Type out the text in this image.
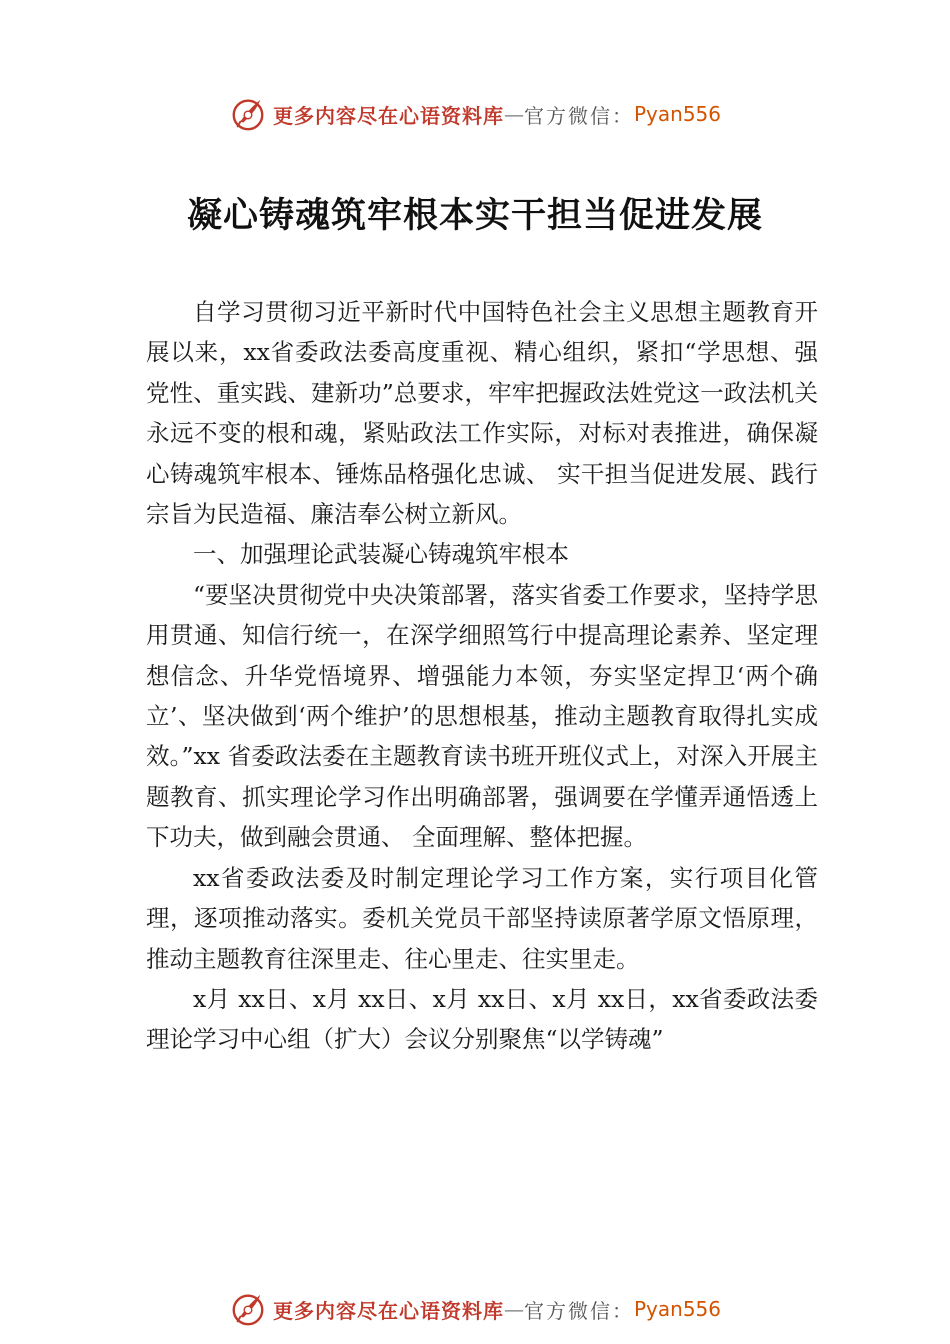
更多内容尽在心语资料库 — 官方微信： Pyan556
凝心铸魂筑牢根本实干担当促进发展

自学习贯彻习近平新时代中国特色社会主义思想主题教育开展以来，xx省委政法委高度重视、精心组织，紧扣“学思想、强党性、重实践、建新功”总要求，牢牢把握政法姓党这一政法机关永远不变的根和魂，紧贴政法工作实际，对标对表推进，确保凝心铸魂筑牢根本、锤炼品格强化忠诚、 实干担当促进发展、践行宗旨为民造福、廉洁奉公树立新风。

一、加强理论武装凝心铸魂筑牢根本

“要坚决贯彻党中央决策部署，落实省委工作要求，坚持学思用贯通、知信行统一，在深学细照笃行中提高理论素养、坚定理想信念、升华党悟境界、增强能力本领，夯实坚定捍卫‘两个确立’、坚决做到‘两个维护’的思想根基，推动主题教育取得扎实成效。”xx 省委政法委在主题教育读书班开班仪式上，对深入开展主题教育、抓实理论学习作出明确部署，强调要在学懂弄通悟透上下功夫，做到融会贯通、 全面理解、整体把握。

xx省委政法委及时制定理论学习工作方案，实行项目化管理，逐项推动落实。委机关党员干部坚持读原著学原文悟原理，推动主题教育往深里走、往心里走、往实里走。

x月 xx日、x月 xx日、x月 xx日、x月 xx日，xx省委政法委理论学习中心组（扩大）会议分别聚焦“以学铸魂”

更多内容尽在心语资料库 — 官方微信： Pyan556
